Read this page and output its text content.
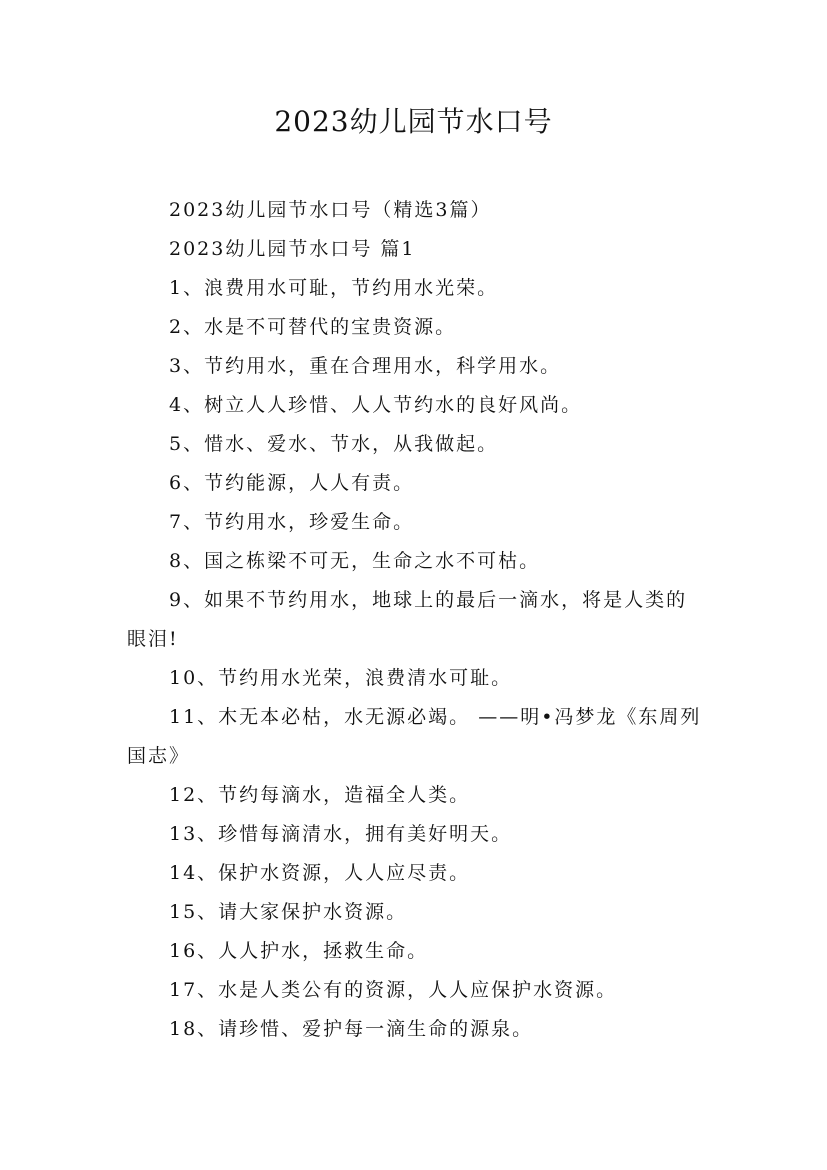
2023幼儿园节水口号

2023幼儿园节水口号（精选3篇）

2023幼儿园节水口号 篇1

1、浪费用水可耻，节约用水光荣。

2、水是不可替代的宝贵资源。

3、节约用水，重在合理用水，科学用水。

4、树立人人珍惜、人人节约水的良好风尚。

5、惜水、爱水、节水，从我做起。

6、节约能源，人人有责。

7、节约用水，珍爱生命。

8、国之栋梁不可无，生命之水不可枯。

9、如果不节约用水，地球上的最后一滴水，将是人类的眼泪!

10、节约用水光荣，浪费清水可耻。

11、木无本必枯，水无源必竭。 ——明•冯梦龙《东周列国志》

12、节约每滴水，造福全人类。

13、珍惜每滴清水，拥有美好明天。

14、保护水资源，人人应尽责。

15、请大家保护水资源。

16、人人护水，拯救生命。

17、水是人类公有的资源，人人应保护水资源。

18、请珍惜、爱护每一滴生命的源泉。
